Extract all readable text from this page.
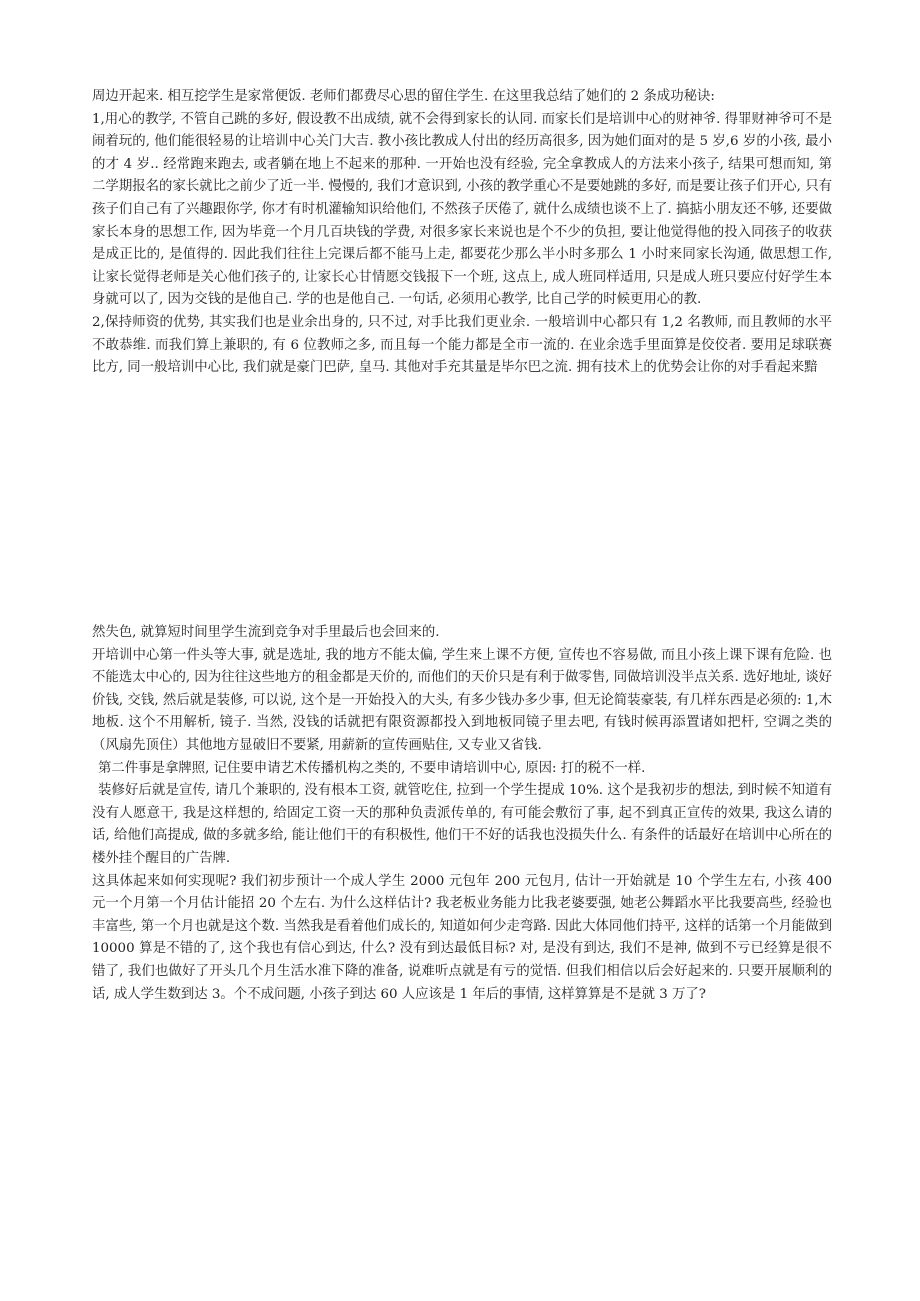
周边开起来. 相互挖学生是家常便饭. 老师们都费尽心思的留住学生. 在这里我总结了她们的 2 条成功秘诀:

1,用心的教学, 不管自己跳的多好, 假设教不出成绩, 就不会得到家长的认同. 而家长们是培训中心的财神爷. 得罪财神爷可不是闹着玩的, 他们能很轻易的让培训中心关门大吉. 教小孩比教成人付出的经历高很多, 因为她们面对的是 5 岁,6 岁的小孩, 最小的才 4 岁.. 经常跑来跑去, 或者躺在地上不起来的那种. 一开始也没有经验, 完全拿教成人的方法来小孩子, 结果可想而知, 第二学期报名的家长就比之前少了近一半. 慢慢的, 我们才意识到, 小孩的教学重心不是要她跳的多好, 而是要让孩子们开心, 只有孩子们自己有了兴趣跟你学, 你才有时机灌输知识给他们, 不然孩子厌倦了, 就什么成绩也谈不上了. 搞掂小朋友还不够, 还要做家长本身的思想工作, 因为毕竟一个月几百块钱的学费, 对很多家长来说也是个不少的负担, 要让他觉得他的投入同孩子的收获是成正比的, 是值得的. 因此我们往往上完课后都不能马上走, 都要花少那么半小时多那么 1 小时来同家长沟通, 做思想工作, 让家长觉得老师是关心他们孩子的, 让家长心甘情愿交钱报下一个班, 这点上, 成人班同样适用, 只是成人班只要应付好学生本身就可以了, 因为交钱的是他自己. 学的也是他自己. 一句话, 必须用心教学, 比自己学的时候更用心的教.

2,保持师资的优势, 其实我们也是业余出身的, 只不过, 对手比我们更业余. 一般培训中心都只有 1,2 名教师, 而且教师的水平不敢恭维. 而我们算上兼职的, 有 6 位教师之多, 而且每一个能力都是全市一流的. 在业余选手里面算是佼佼者. 要用足球联赛比方, 同一般培训中心比, 我们就是豪门巴萨, 皇马. 其他对手充其量是毕尔巴之流. 拥有技术上的优势会让你的对手看起来黯

然失色, 就算短时间里学生流到竞争对手里最后也会回来的.

开培训中心第一件头等大事, 就是选址, 我的地方不能太偏, 学生来上课不方便, 宣传也不容易做, 而且小孩上课下课有危险. 也不能选太中心的, 因为往往这些地方的租金都是天价的, 而他们的天价只是有利于做零售, 同做培训没半点关系. 选好地址, 谈好价钱, 交钱, 然后就是装修, 可以说, 这个是一开始投入的大头, 有多少钱办多少事, 但无论简装豪装, 有几样东西是必须的: 1,木地板. 这个不用解析, 镜子. 当然, 没钱的话就把有限资源都投入到地板同镜子里去吧, 有钱时候再添置诸如把杆, 空调之类的（风扇先顶住）其他地方显破旧不要紧, 用薪新的宣传画贴住, 又专业又省钱.

第二件事是拿牌照, 记住要申请艺术传播机构之类的, 不要申请培训中心, 原因: 打的税不一样.

装修好后就是宣传, 请几个兼职的, 没有根本工资, 就管吃住, 拉到一个学生提成 10%. 这个是我初步的想法, 到时候不知道有没有人愿意干, 我是这样想的, 给固定工资一天的那种负责派传单的, 有可能会敷衍了事, 起不到真正宣传的效果, 我这么请的话, 给他们高提成, 做的多就多给, 能让他们干的有积极性, 他们干不好的话我也没损失什么. 有条件的话最好在培训中心所在的楼外挂个醒目的广告牌.

这具体起来如何实现呢? 我们初步预计一个成人学生 2000 元包年 200 元包月, 估计一开始就是 10 个学生左右, 小孩 400 元一个月第一个月估计能招 20 个左右. 为什么这样估计? 我老板业务能力比我老婆要强, 她老公舞蹈水平比我要高些, 经验也丰富些, 第一个月也就是这个数. 当然我是看着他们成长的, 知道如何少走弯路. 因此大体同他们持平, 这样的话第一个月能做到 10000 算是不错的了, 这个我也有信心到达, 什么? 没有到达最低目标? 对, 是没有到达, 我们不是神, 做到不亏已经算是很不错了, 我们也做好了开头几个月生活水准下降的准备, 说难听点就是有亏的觉悟. 但我们相信以后会好起来的. 只要开展顺利的话, 成人学生数到达 3。个不成问题, 小孩子到达 60 人应该是 1 年后的事情, 这样算算是不是就 3 万了?
